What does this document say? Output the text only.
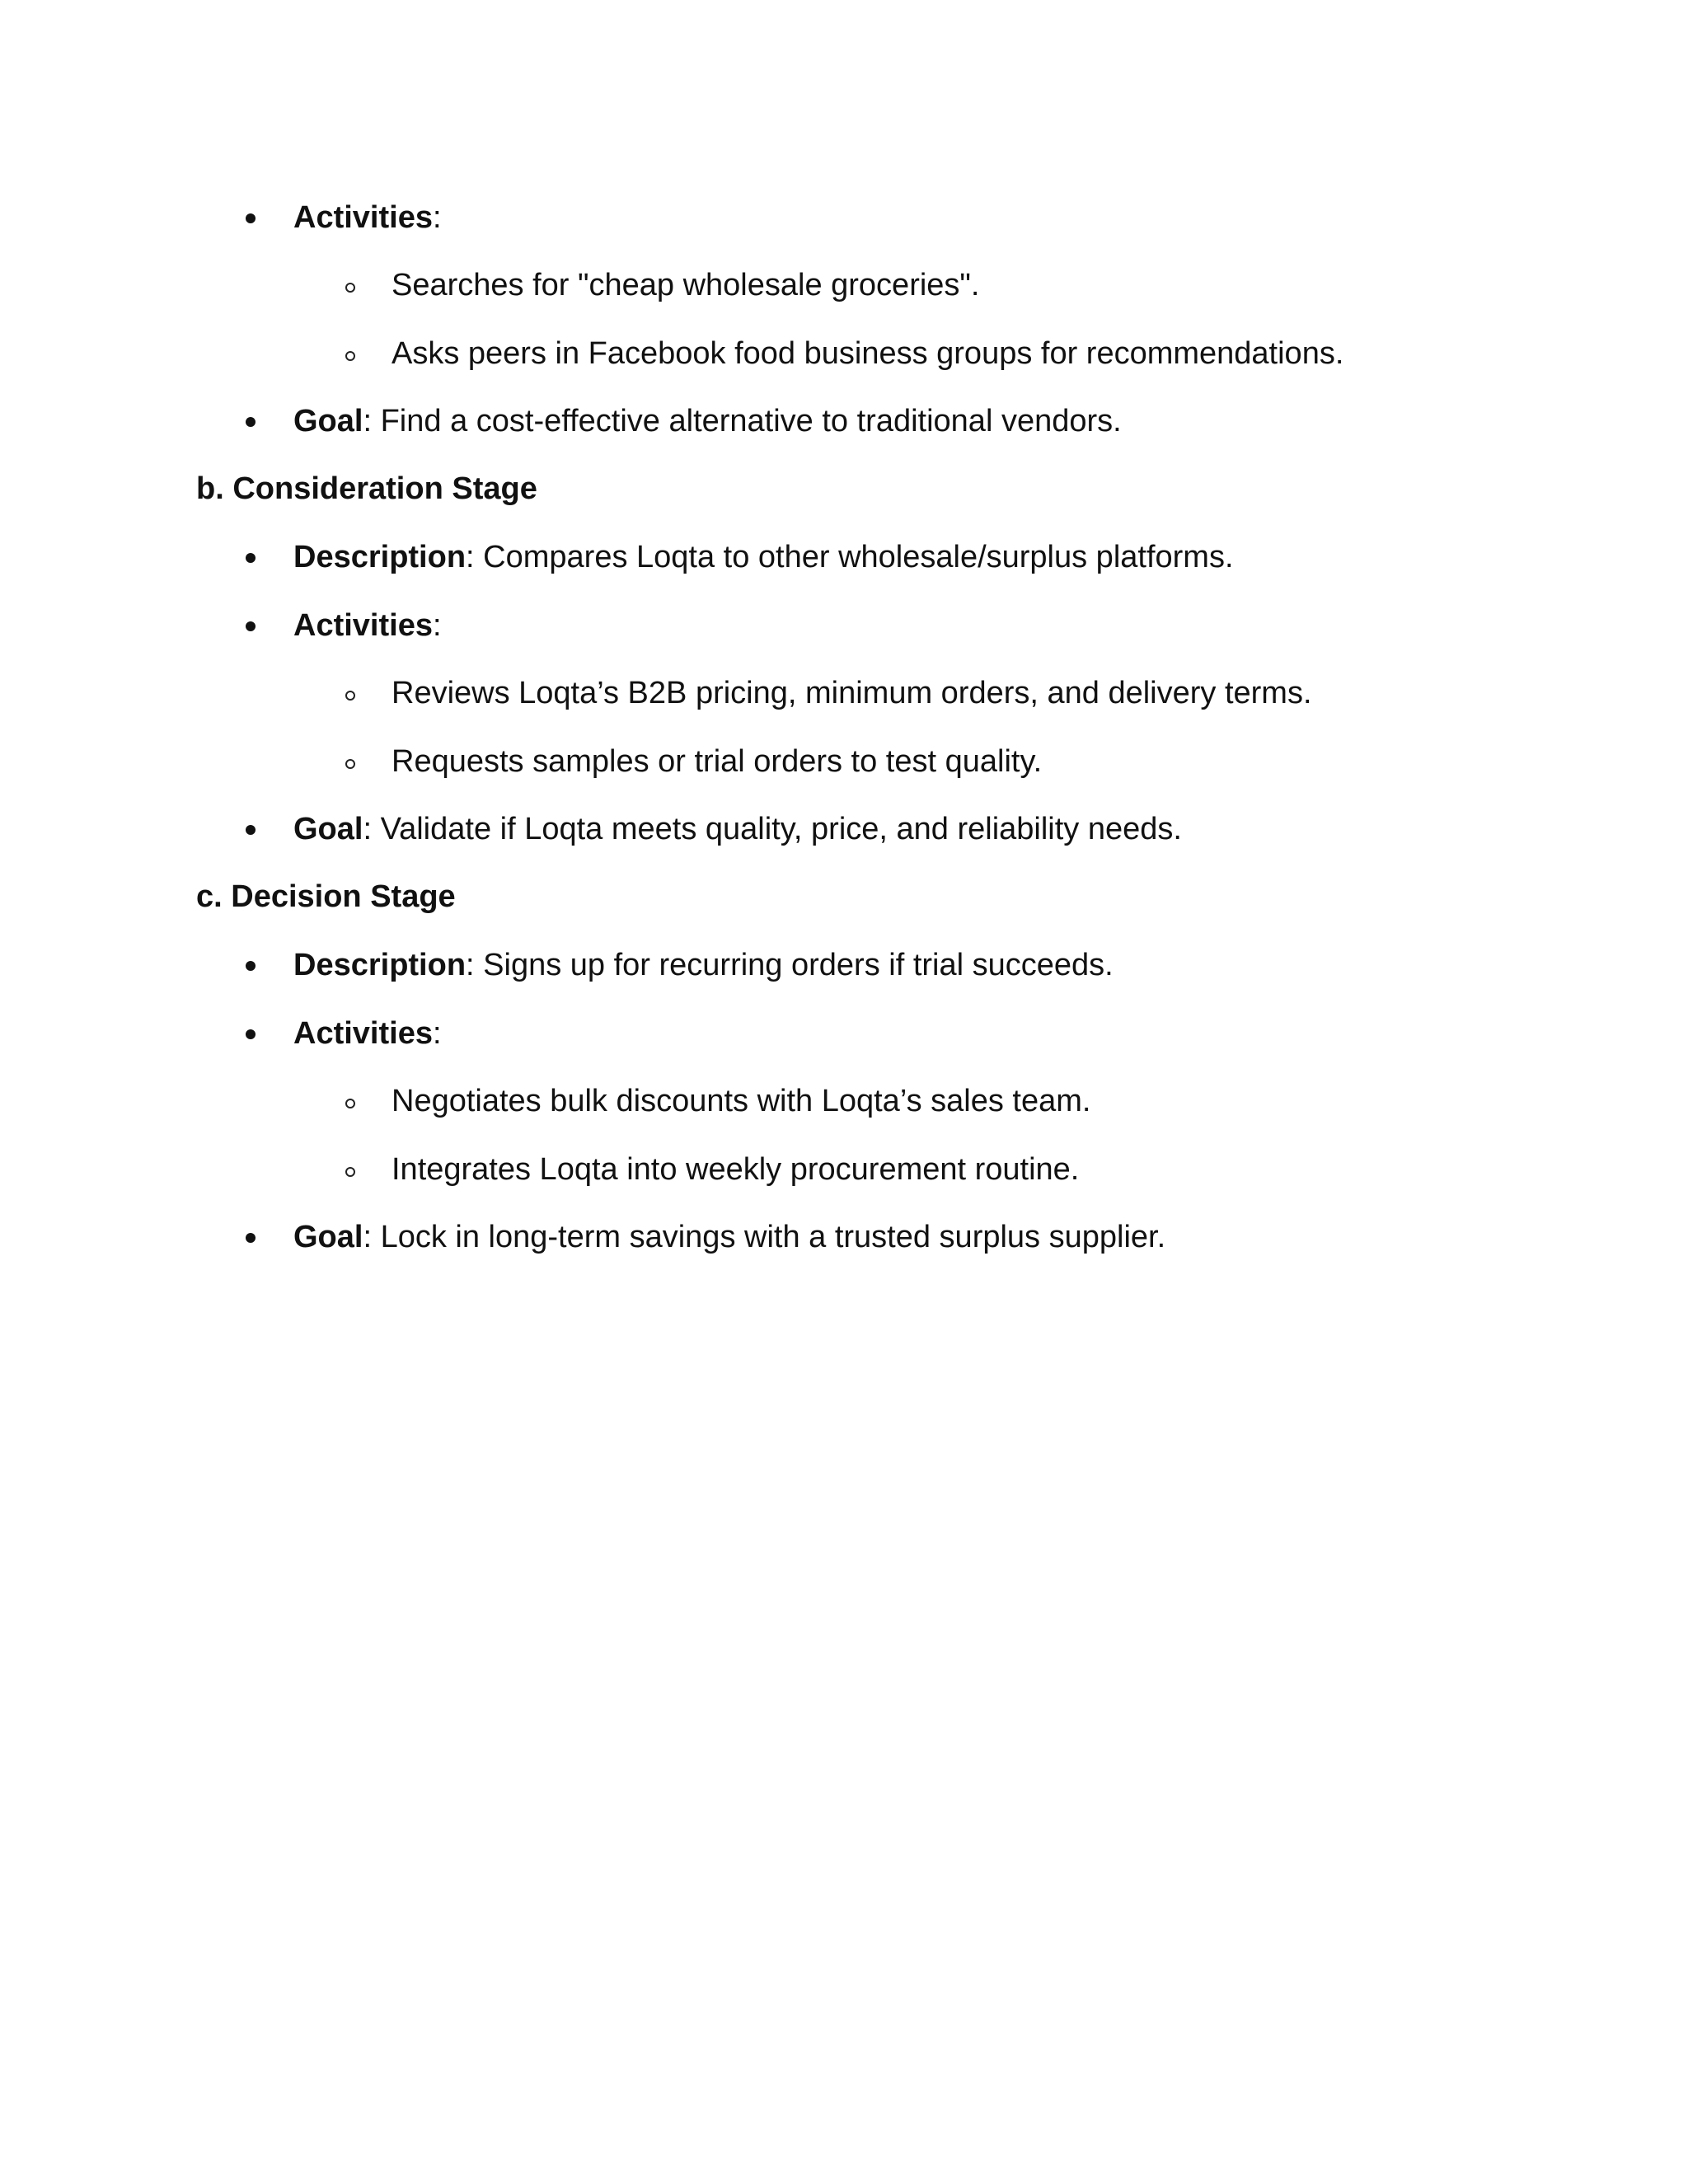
Activities:
Searches for "cheap wholesale groceries".
Asks peers in Facebook food business groups for recommendations.
Goal: Find a cost-effective alternative to traditional vendors.
b. Consideration Stage
Description: Compares Loqta to other wholesale/surplus platforms.
Activities:
Reviews Loqta’s B2B pricing, minimum orders, and delivery terms.
Requests samples or trial orders to test quality.
Goal: Validate if Loqta meets quality, price, and reliability needs.
c. Decision Stage
Description: Signs up for recurring orders if trial succeeds.
Activities:
Negotiates bulk discounts with Loqta’s sales team.
Integrates Loqta into weekly procurement routine.
Goal: Lock in long-term savings with a trusted surplus supplier.
